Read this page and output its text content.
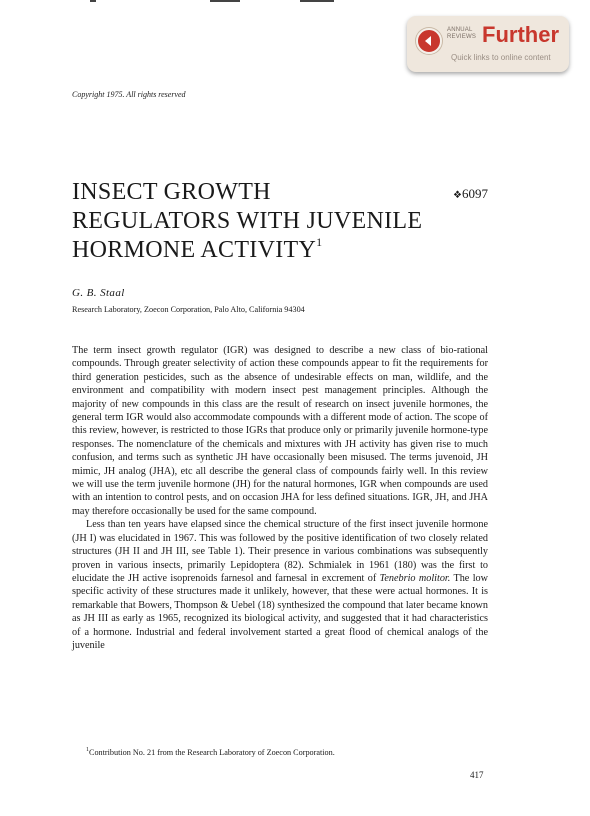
ANNUAL
REVIEWS Further
Quick links to online content
Copyright 1975. All rights reserved
INSECT GROWTH
REGULATORS WITH JUVENILE
HORMONE ACTIVITY$^1$
❖6097
G. B. Staal
Research Laboratory, Zoecon Corporation, Palo Alto, California 94304

The term insect growth regulator (IGR) was designed to describe a new class of bio-rational compounds. Through greater selectivity of action these compounds appear to fit the requirements for third generation pesticides, such as the absence of undesirable effects on man, wildlife, and the environment and compatibility with modern insect pest management principles. Although the majority of new compounds in this class are the result of research on insect juvenile hormones, the general term IGR would also accommodate compounds with a different mode of action. The scope of this review, however, is restricted to those IGRs that produce only or primarily juvenile hormone-type responses. The nomenclature of the chemicals and mixtures with JH activity has given rise to much confusion, and terms such as synthetic JH have occasionally been misused. The terms juvenoid, JH mimic, JH analog (JHA), etc all describe the general class of compounds fairly well. In this review we will use the term juvenile hormone (JH) for the natural hormones, IGR when compounds are used with an intention to control pests, and on occasion JHA for less defined situations. IGR, JH, and JHA may therefore occasionally be used for the same compound.

Less than ten years have elapsed since the chemical structure of the first insect juvenile hormone (JH I) was elucidated in 1967. This was followed by the positive identification of two closely related structures (JH II and JH III, see Table 1). Their presence in various combinations was subsequently proven in various insects, primarily Lepidoptera (82). Schmialek in 1961 (180) was the first to elucidate the JH active isoprenoids farnesol and farnesal in excrement of Tenebrio molitor. The low specific activity of these structures made it unlikely, however, that these were actual hormones. It is remarkable that Bowers, Thompson & Uebel (18) synthesized the compound that later became known as JH III as early as 1965, recognized its biological activity, and suggested that it had characteristics of a hormone. Industrial and federal involvement started a great flood of chemical analogs of the juvenile

$^1$Contribution No. 21 from the Research Laboratory of Zoecon Corporation.
417
